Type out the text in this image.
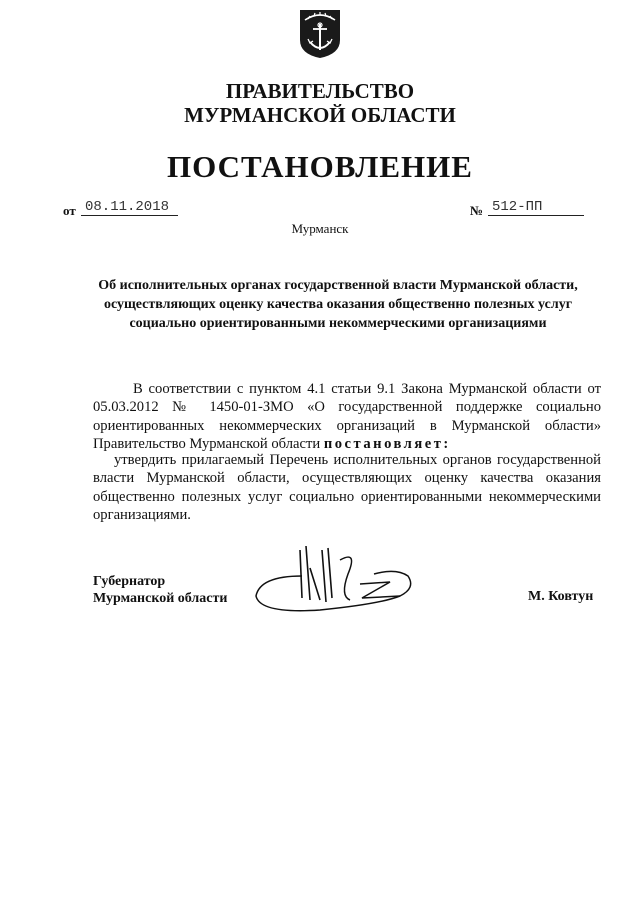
ПРАВИТЕЛЬСТВО
МУРМАНСКОЙ ОБЛАСТИ
ПОСТАНОВЛЕНИЕ
от 08.11.2018	№ 512-ПП
Мурманск
Об исполнительных органах государственной власти Мурманской области, осуществляющих оценку качества оказания общественно полезных услуг социально ориентированными некоммерческими организациями
В соответствии с пунктом 4.1 статьи 9.1 Закона Мурманской области от 05.03.2012 № 1450-01-ЗМО «О государственной поддержке социально ориентированных некоммерческих организаций в Мурманской области» Правительство Мурманской области постановляет:
утвердить прилагаемый Перечень исполнительных органов государственной власти Мурманской области, осуществляющих оценку качества оказания общественно полезных услуг социально ориентированными некоммерческими организациями.
Губернатор
Мурманской области	М. Ковтун
